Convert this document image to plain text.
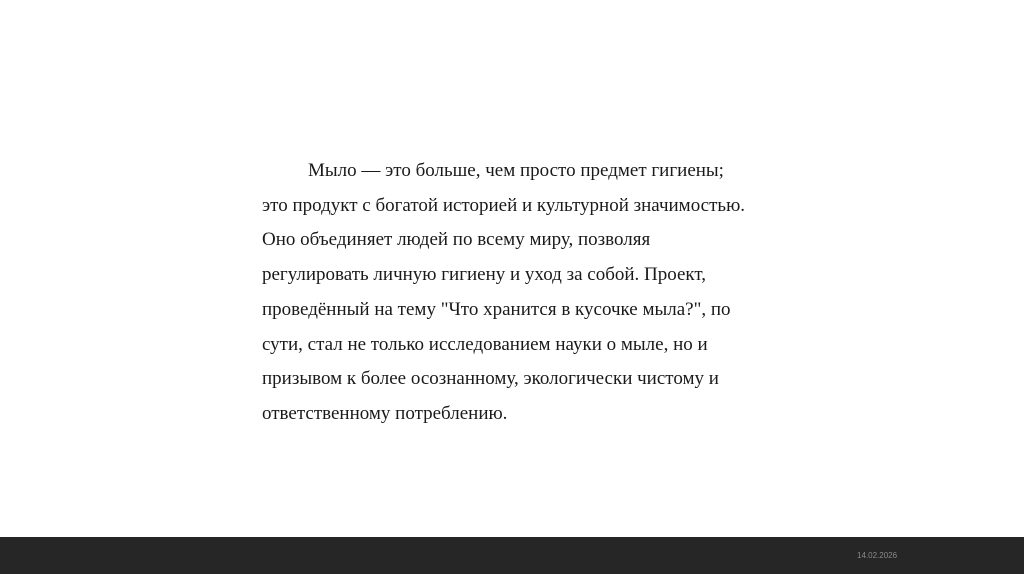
Мыло — это больше, чем просто предмет гигиены;
это продукт с богатой историей и культурной значимостью.
Оно объединяет людей по всему миру, позволяя
регулировать личную гигиену и уход за собой. Проект,
проведённый на тему "Что хранится в кусочке мыла?", по
сути, стал не только исследованием науки о мыле, но и
призывом к более осознанному, экологически чистому и
ответственному потреблению.
14.02.2026
